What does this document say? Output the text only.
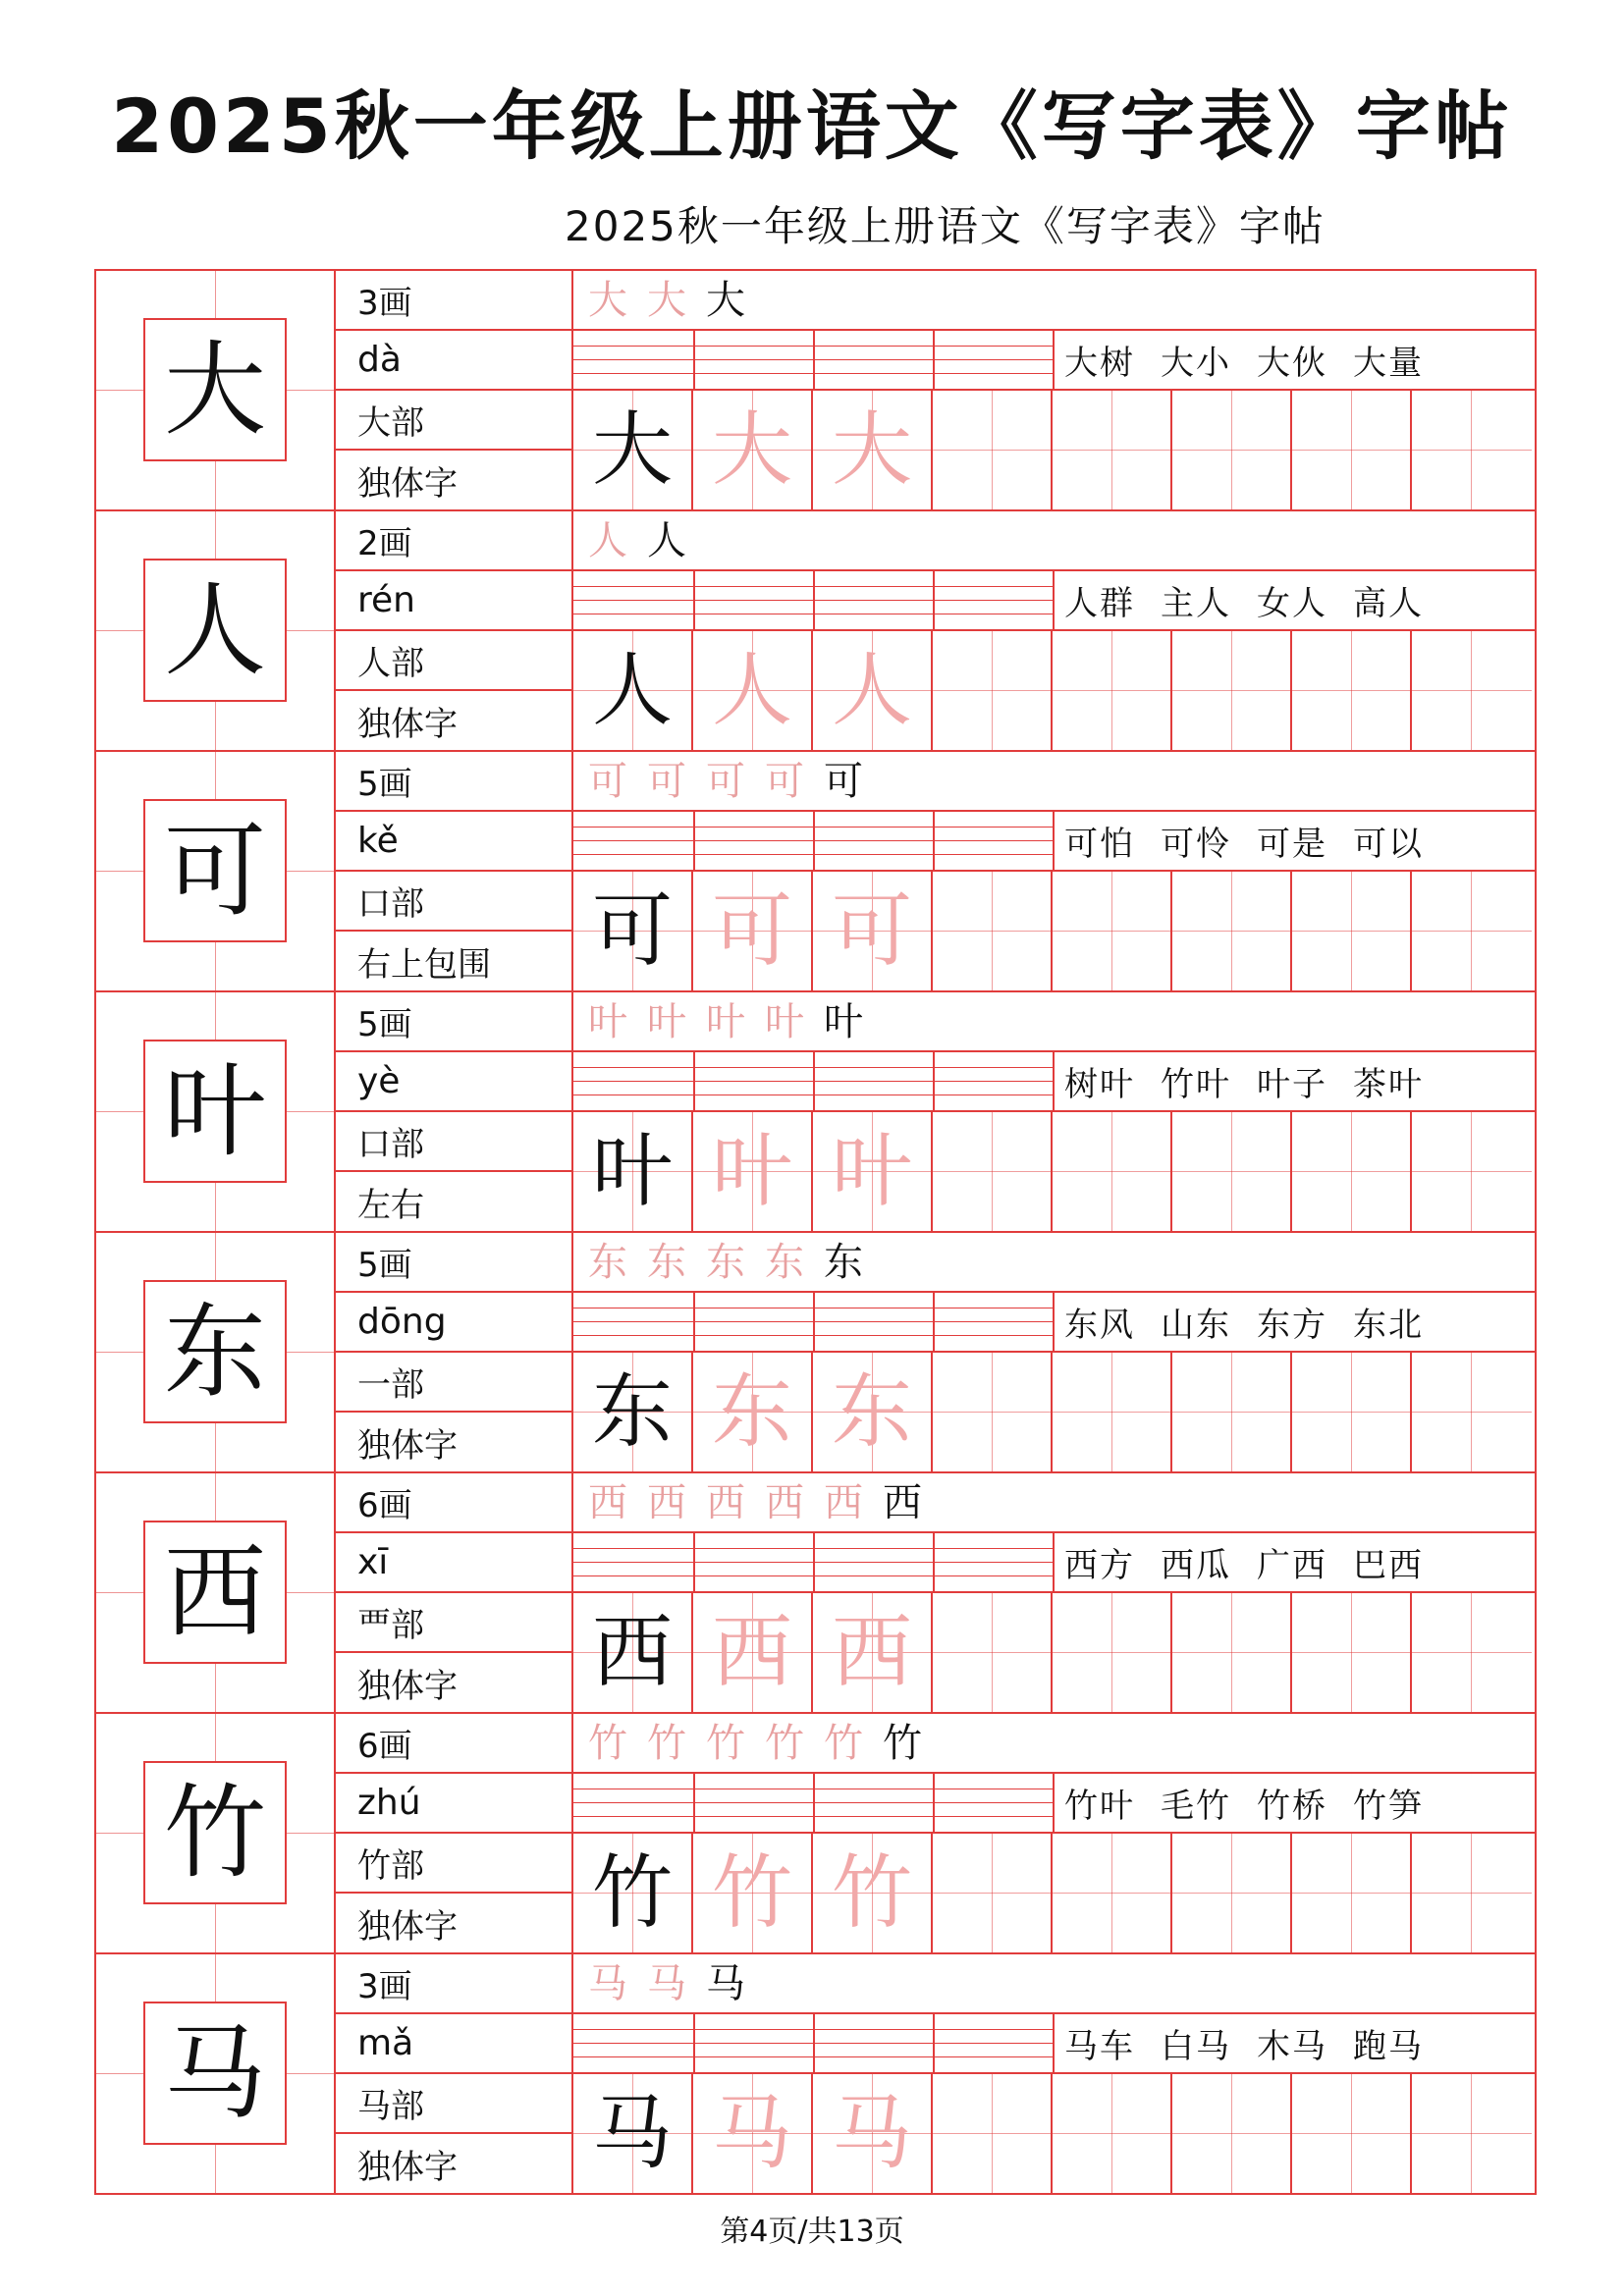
2025秋一年级上册语文《写字表》字帖
2025秋一年级上册语文《写字表》字帖
大
3画
dà
大部
独体字
大 大 大
大树 大小 大伙 大量
大 大 大
人
2画
rén
人部
独体字
人 人
人群 主人 女人 高人
人 人 人
可
5画
kě
口部
右上包围
可 可 可 可 可
可怕 可怜 可是 可以
可 可 可
叶
5画
yè
口部
左右
叶 叶 叶 叶 叶
树叶 竹叶 叶子 茶叶
叶 叶 叶
东
5画
dōng
一部
独体字
东 东 东 东 东
东风 山东 东方 东北
东 东 东
西
6画
xī
覀部
独体字
西 西 西 西 西 西
西方 西瓜 广西 巴西
西 西 西
竹
6画
zhú
竹部
独体字
竹 竹 竹 竹 竹 竹
竹叶 毛竹 竹桥 竹笋
竹 竹 竹
马
3画
mǎ
马部
独体字
马 马 马
马车 白马 木马 跑马
马 马 马
第4页/共13页
